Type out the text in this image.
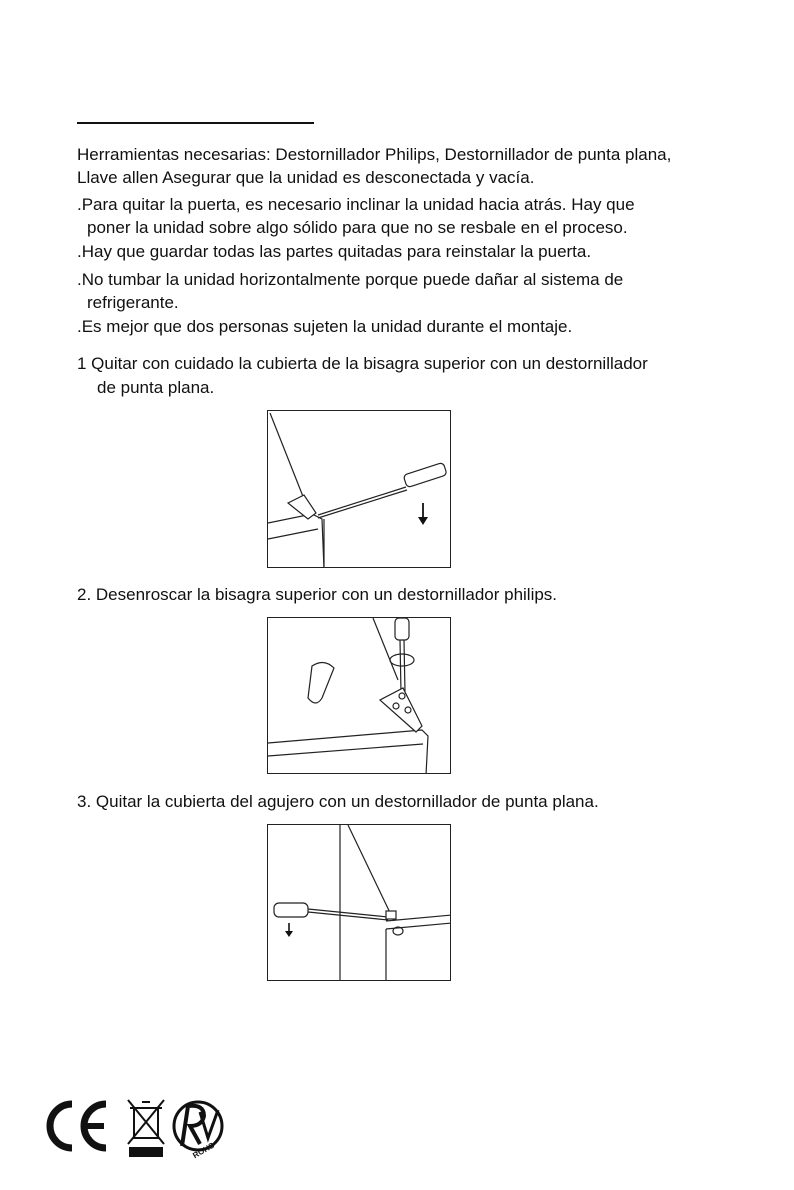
Herramientas necesarias: Destornillador Philips, Destornillador de punta plana,
Llave allen Asegurar que la unidad es desconectada y vacía.
.Para quitar la puerta, es necesario inclinar la unidad hacia atrás. Hay que
poner la unidad sobre algo sólido para que no se resbale en el proceso.
.Hay que guardar todas las partes quitadas para reinstalar la puerta.
.No tumbar la unidad horizontalmente porque puede dañar al sistema de
refrigerante.
.Es mejor que dos personas sujeten la unidad durante el montaje.
1 Quitar con cuidado la cubierta de la bisagra superior con un destornillador
de punta plana.
2. Desenroscar la bisagra superior con un destornillador philips.
3. Quitar la cubierta del agujero con un destornillador de punta plana.
ROHS
